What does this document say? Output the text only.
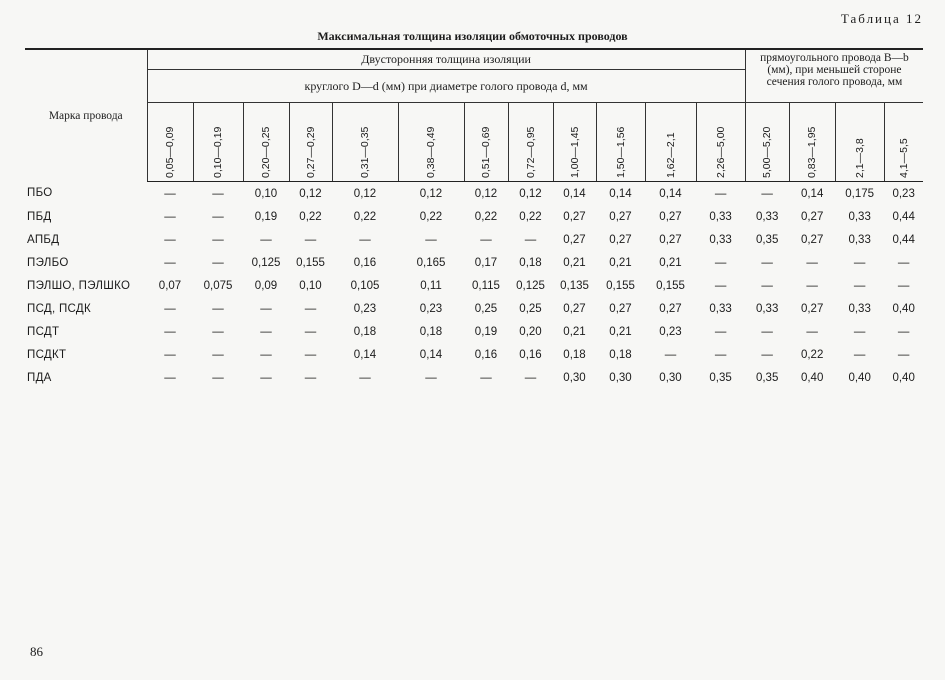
Таблица 12
Максимальная толщина изоляции обмоточных проводов
Марка провода	Двусторонняя толщина изоляции												прямоугольного провода B—b (мм), при меньшей стороне сечения голого провода, мм			
	круглого D—d (мм) при диаметре голого провода d, мм															

	0,05—0,09	0,10—0,19	0,20—0,25	0,27—0,29	0,31—0,35	0,38—0,49	0,51—0,69	0,72—0,95	1,00—1,45	1,50—1,56	1,62—2,1	2,26—5,00	5,00—5,20	0,83—1,95	2,1—3,8	4,1—5,5

ПБО	—	—	0,10	0,12	0,12	0,12	0,12	0,12	0,14	0,14	0,14	—	—	0,14	0,175	0,23
ПБД	—	—	0,19	0,22	0,22	0,22	0,22	0,22	0,27	0,27	0,27	0,33	0,33	0,27	0,33	0,44
АПБД	—	—	—	—	—	—	—	—	0,27	0,27	0,27	0,33	0,35	0,27	0,33	0,44
ПЭЛБО	—	—	0,125	0,155	0,16	0,165	0,17	0,18	0,21	0,21	0,21	—	—	—	—	—
ПЭЛШО, ПЭЛШКО	0,07	0,075	0,09	0,10	0,105	0,11	0,115	0,125	0,135	0,155	0,155	—	—	—	—	—
ПСД, ПСДК	—	—	—	—	0,23	0,23	0,25	0,25	0,27	0,27	0,27	0,33	0,33	0,27	0,33	0,40
ПСДТ	—	—	—	—	0,18	0,18	0,19	0,20	0,21	0,21	0,23	—	—	—	—	—
ПСДКТ	—	—	—	—	0,14	0,14	0,16	0,16	0,18	0,18	—	—	—	0,22	—	—
ПДА	—	—	—	—	—	—	—	—	0,30	0,30	0,30	0,35	0,35	0,40	0,40	0,40
86
